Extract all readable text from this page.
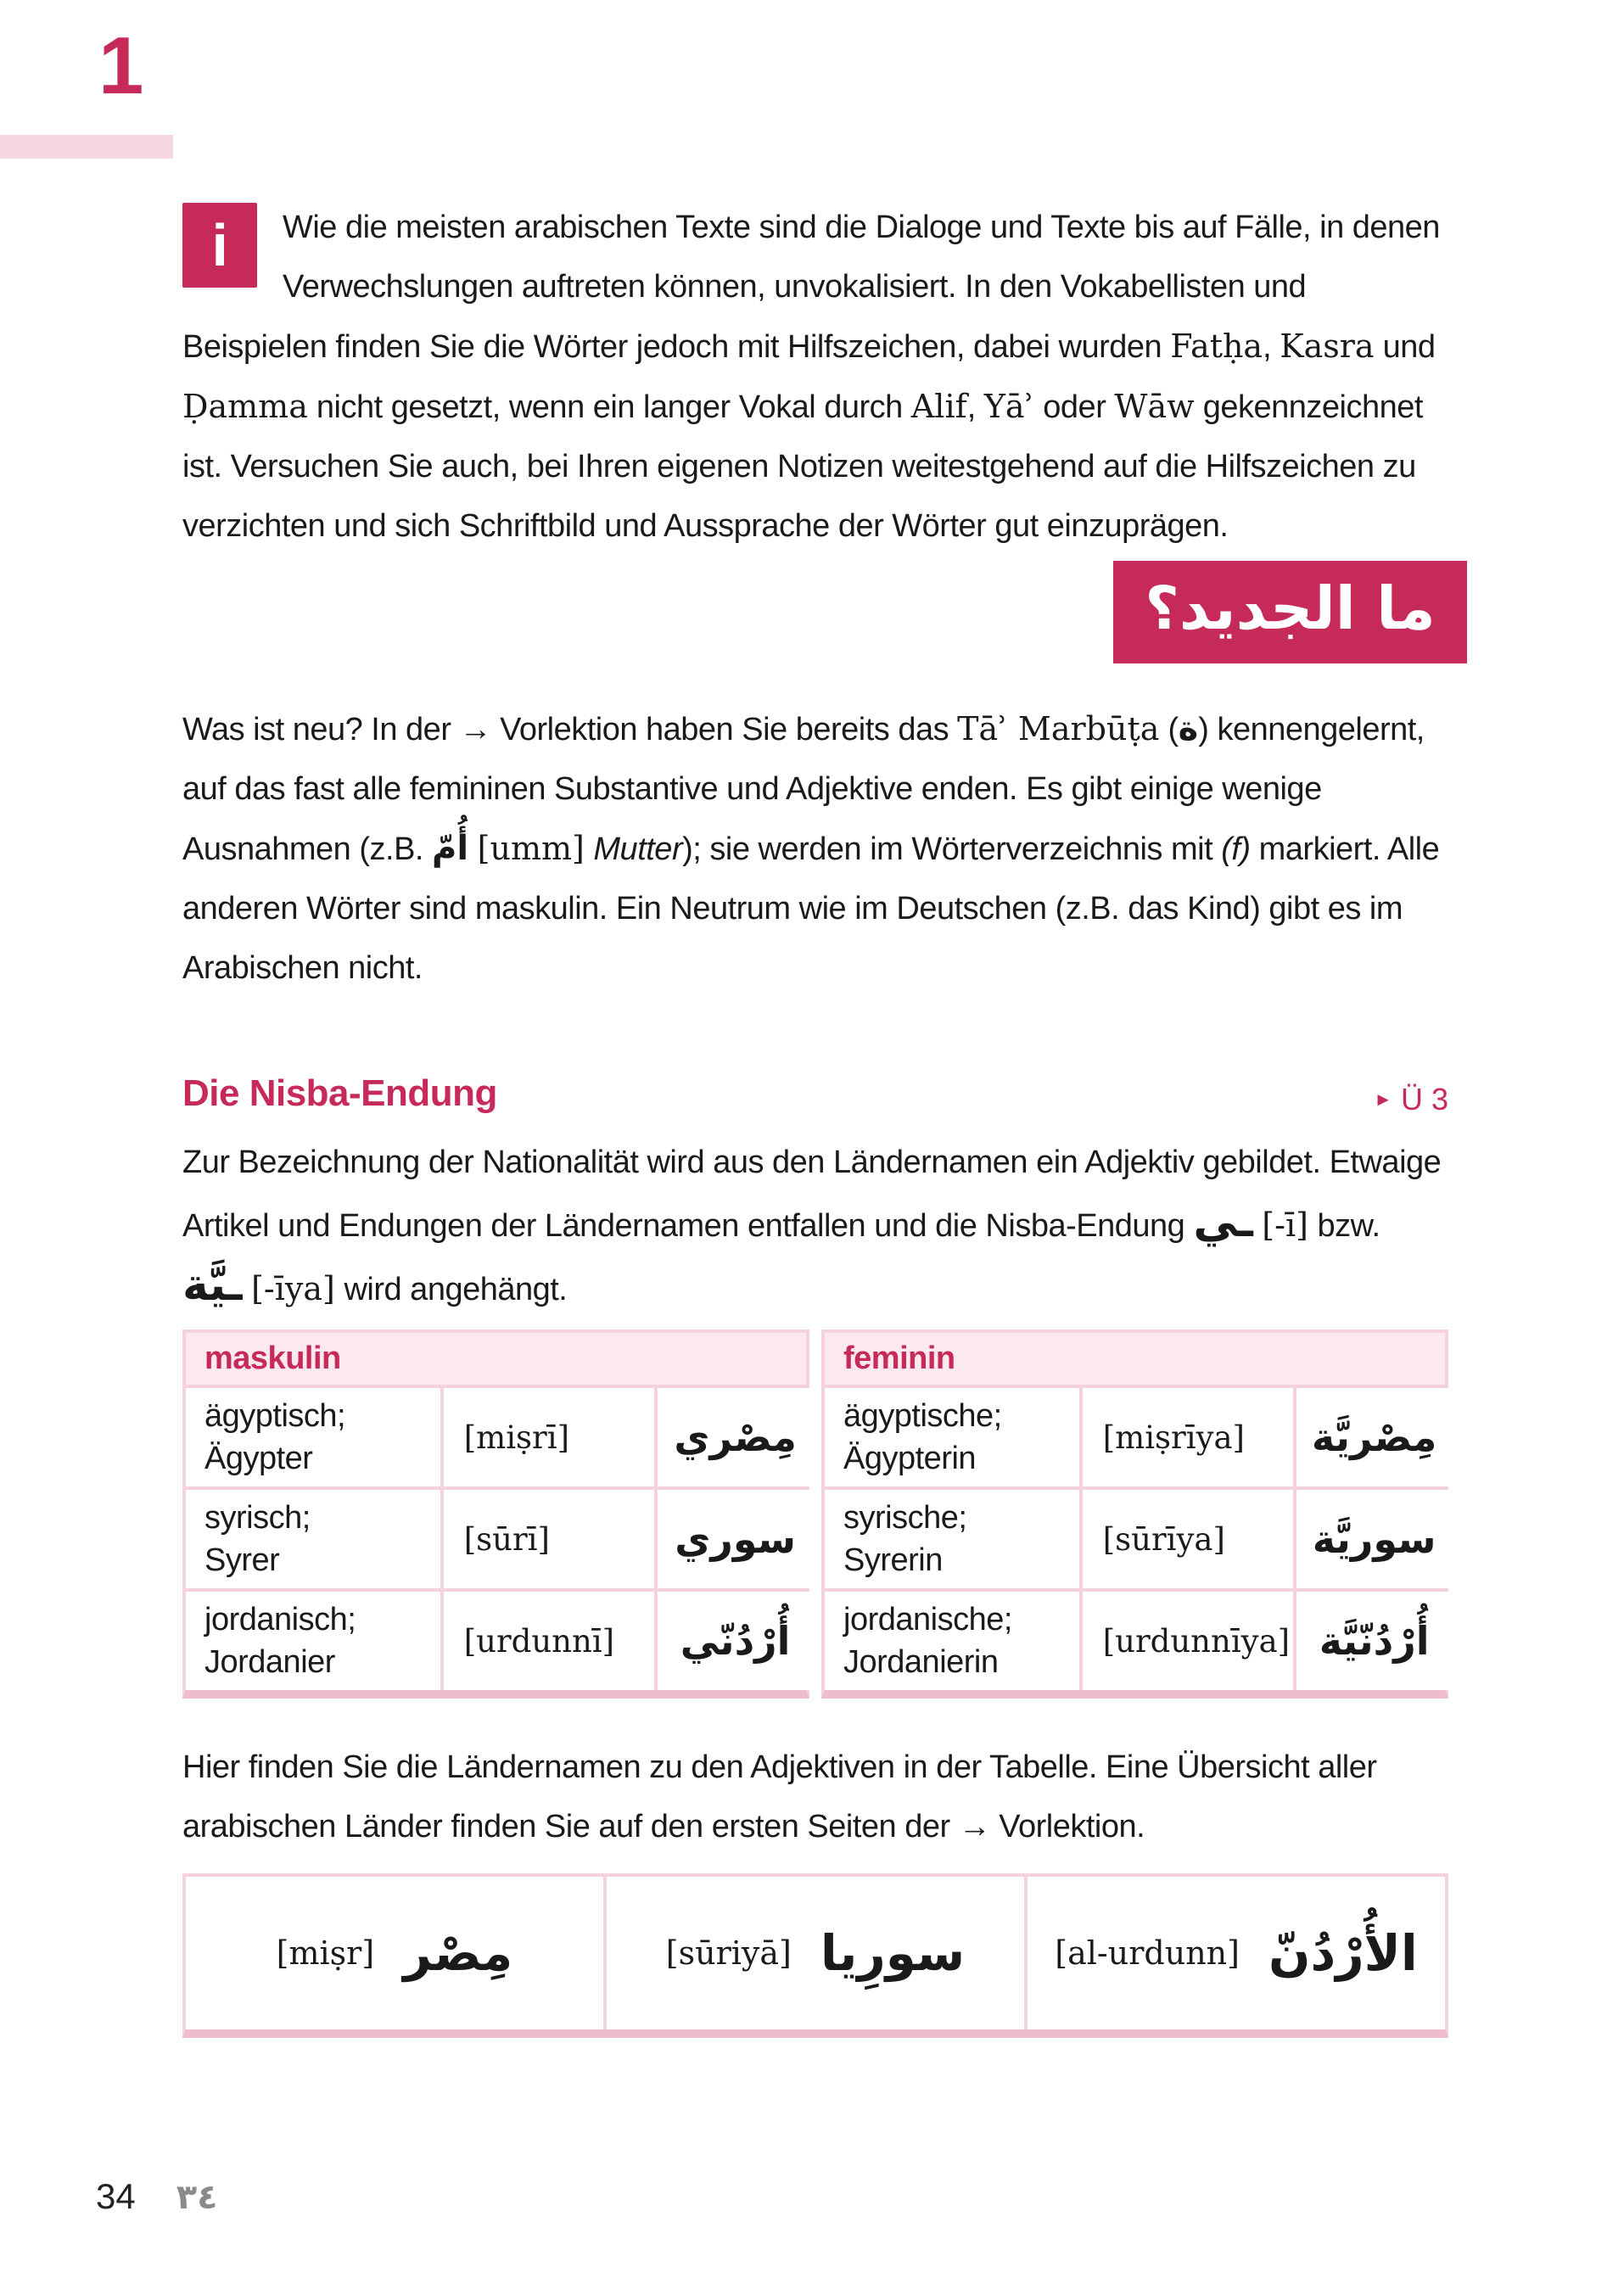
1
i	Wie die meisten arabischen Texte sind die Dialoge und Texte bis auf Fälle, in denen Verwechslungen auftreten können, unvokalisiert. In den Vokabellisten und Beispielen finden Sie die Wörter jedoch mit Hilfszeichen, dabei wurden Fatḥa, Kasra und Ḍamma nicht gesetzt, wenn ein langer Vokal durch Alif, Yāʾ oder Wāw gekennzeichnet ist. Versuchen Sie auch, bei Ihren eigenen Notizen weitestgehend auf die Hilfszeichen zu verzichten und sich Schriftbild und Aussprache der Wörter gut einzuprägen.
ما الجديد؟
Was ist neu? In der → Vorlektion haben Sie bereits das Tāʾ Marbūṭa (ة) kennengelernt, auf das fast alle femininen Substantive und Adjektive enden. Es gibt einige wenige Ausnahmen (z.B. أُمّ [umm] Mutter); sie werden im Wörterverzeichnis mit (f) markiert. Alle anderen Wörter sind maskulin. Ein Neutrum wie im Deutschen (z.B. das Kind) gibt es im Arabischen nicht.
Die Nisba-Endung	► Ü 3
Zur Bezeichnung der Nationalität wird aus den Ländernamen ein Adjektiv gebildet. Etwaige Artikel und Endungen der Ländernamen entfallen und die Nisba-Endung ـي [-ī] bzw. ـيَّة [-īya] wird angehängt.
maskulin
ägyptisch;
Ägypter
[miṣrī]	مِصْري
syrisch;
Syrer
[sūrī]	سوري
jordanisch;
Jordanier
[urdunnī]	أُرْدُنّي
feminin
ägyptische;
Ägypterin
[miṣrīya]	مِصْريَّة
syrische;
Syrerin
[sūrīya]	سوريَّة
jordanische;
Jordanierin
[urdunnīya] أُرْدُنّيَّة
Hier finden Sie die Ländernamen zu den Adjektiven in der Tabelle. Eine Übersicht aller arabischen Länder finden Sie auf den ersten Seiten der → Vorlektion.
[miṣr] مِصْر	[sūriyā] سورِيا	[al-urdunn] الأُرْدُنّ
34 ٣٤
